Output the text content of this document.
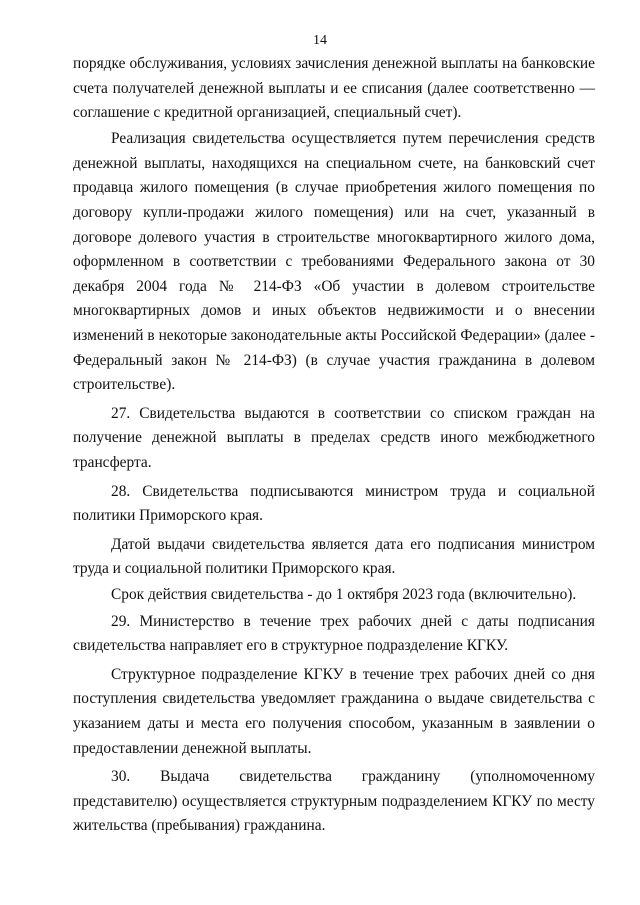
14

порядке обслуживания, условиях зачисления денежной выплаты на банковские счета получателей денежной выплаты и ее списания (далее соответственно — соглашение с кредитной организацией, специальный счет).

Реализация свидетельства осуществляется путем перечисления средств денежной выплаты, находящихся на специальном счете, на банковский счет продавца жилого помещения (в случае приобретения жилого помещения по договору купли-продажи жилого помещения) или на счет, указанный в договоре долевого участия в строительстве многоквартирного жилого дома, оформленном в соответствии с требованиями Федерального закона от 30 декабря 2004 года № 214-ФЗ «Об участии в долевом строительстве многоквартирных домов и иных объектов недвижимости и о внесении изменений в некоторые законодательные акты Российской Федерации» (далее - Федеральный закон № 214-ФЗ) (в случае участия гражданина в долевом строительстве).

27. Свидетельства выдаются в соответствии со списком граждан на получение денежной выплаты в пределах средств иного межбюджетного трансферта.

28. Свидетельства подписываются министром труда и социальной политики Приморского края.

Датой выдачи свидетельства является дата его подписания министром труда и социальной политики Приморского края.

Срок действия свидетельства - до 1 октября 2023 года (включительно).

29. Министерство в течение трех рабочих дней с даты подписания свидетельства направляет его в структурное подразделение КГКУ.

Структурное подразделение КГКУ в течение трех рабочих дней со дня поступления свидетельства уведомляет гражданина о выдаче свидетельства с указанием даты и места его получения способом, указанным в заявлении о предоставлении денежной выплаты.

30. Выдача свидетельства гражданину (уполномоченному представителю) осуществляется структурным подразделением КГКУ по месту жительства (пребывания) гражданина.
